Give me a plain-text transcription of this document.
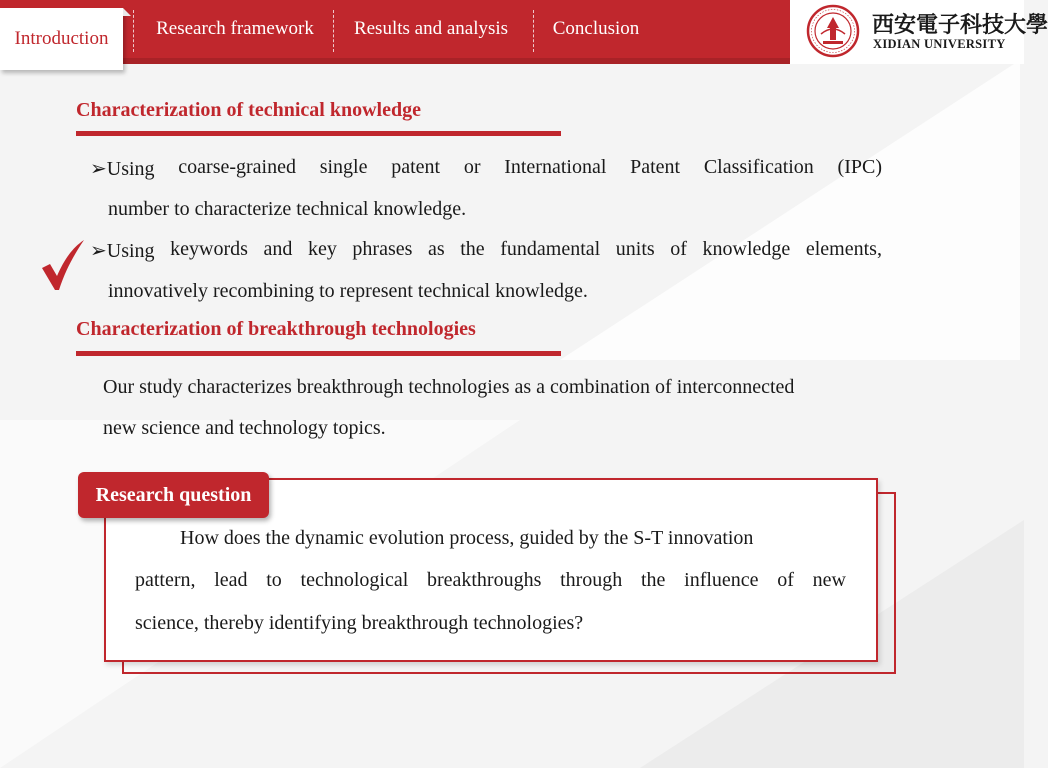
Introduction	Research framework Results and analysis Conclusion	西安電子科技大學
XIDIAN UNIVERSITY
Characterization of technical knowledge
➢Using coarse-grained single patent or International Patent Classification (IPC)
number to characterize technical knowledge.
➢Using keywords and key phrases as the fundamental units of knowledge elements,
innovatively recombining to represent technical knowledge.
Characterization of breakthrough technologies
Our study characterizes breakthrough technologies as a combination of interconnected
new science and technology topics.
Research question
How does the dynamic evolution process, guided by the S-T innovation
pattern, lead to technological breakthroughs through the influence of new
science, thereby identifying breakthrough technologies?
